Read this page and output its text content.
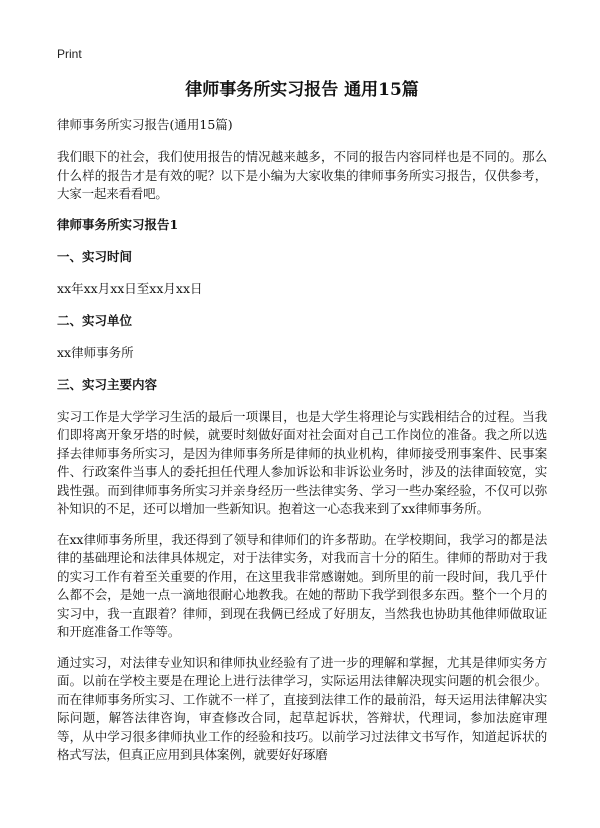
Print
律师事务所实习报告 通用15篇
律师事务所实习报告(通用15篇)

我们眼下的社会，我们使用报告的情况越来越多，不同的报告内容同样也是不同的。那么什么样的报告才是有效的呢？以下是小编为大家收集的律师事务所实习报告，仅供参考，大家一起来看看吧。

律师事务所实习报告1
一、实习时间

xx年xx月xx日至xx月xx日

二、实习单位

xx律师事务所

三、实习主要内容

实习工作是大学学习生活的最后一项课目，也是大学生将理论与实践相结合的过程。当我们即将离开象牙塔的时候，就要时刻做好面对社会面对自己工作岗位的准备。我之所以选择去律师事务所实习，是因为律师事务所是律师的执业机构，律师接受刑事案件、民事案件、行政案件当事人的委托担任代理人参加诉讼和非诉讼业务时，涉及的法律面较宽，实践性强。而到律师事务所实习并亲身经历一些法律实务、学习一些办案经验，不仅可以弥补知识的不足，还可以增加一些新知识。抱着这一心态我来到了xx律师事务所。

在xx律师事务所里，我还得到了领导和律师们的许多帮助。在学校期间，我学习的都是法律的基础理论和法律具体规定，对于法律实务，对我而言十分的陌生。律师的帮助对于我的实习工作有着至关重要的作用，在这里我非常感谢她。到所里的前一段时间，我几乎什么都不会，是她一点一滴地很耐心地教我。在她的帮助下我学到很多东西。整个一个月的实习中，我一直跟着？律师，到现在我俩已经成了好朋友，当然我也协助其他律师做取证和开庭准备工作等等。

通过实习，对法律专业知识和律师执业经验有了进一步的理解和掌握，尤其是律师实务方面。以前在学校主要是在理论上进行法律学习，实际运用法律解决现实问题的机会很少。而在律师事务所实习、工作就不一样了，直接到法律工作的最前沿，每天运用法律解决实际问题，解答法律咨询，审查修改合同，起草起诉状，答辩状，代理词，参加法庭审理等，从中学习很多律师执业工作的经验和技巧。以前学习过法律文书写作，知道起诉状的格式写法，但真正应用到具体案例，就要好好琢磨
